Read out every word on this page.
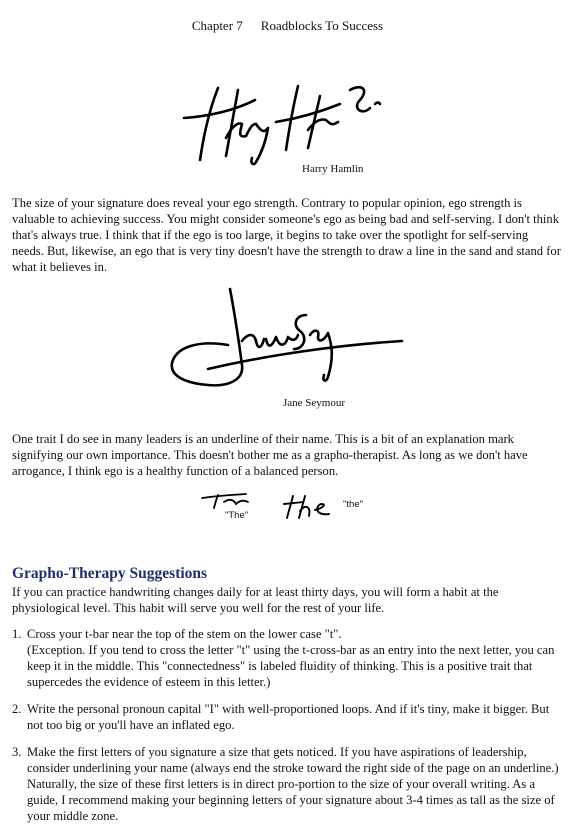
Chapter 7 Roadblocks To Success
Harry Hamlin

The size of your signature does reveal your ego strength. Contrary to popular opinion, ego strength is valuable to achieving success. You might consider someone's ego as being bad and self-serving. I don't think that's always true. I think that if the ego is too large, it begins to take over the spotlight for self-serving needs. But, likewise, an ego that is very tiny doesn't have the strength to draw a line in the sand and stand for what it believes in.

Jane Seymour

One trait I do see in many leaders is an underline of their name. This is a bit of an explanation mark signifying our own importance. This doesn't bother me as a grapho-therapist. As long as we don't have arrogance, I think ego is a healthy function of a balanced person.

"The"
"the"
Grapho-Therapy Suggestions

If you can practice handwriting changes daily for at least thirty days, you will form a habit at the physiological level. This habit will serve you well for the rest of your life.

1. Cross your t-bar near the top of the stem on the lower case "t".
(Exception. If you tend to cross the letter "t" using the t-cross-bar as an entry into the next letter, you can keep it in the middle. This "connectedness" is labeled fluidity of thinking. This is a positive trait that supercedes the evidence of esteem in this letter.)
2. Write the personal pronoun capital "I" with well-proportioned loops. And if it's tiny, make it bigger. But not too big or you'll have an inflated ego.
3. Make the first letters of you signature a size that gets noticed. If you have aspirations of leadership, consider underlining your name (always end the stroke toward the right side of the page on an underline.) Naturally, the size of these first letters is in direct pro-portion to the size of your overall writing. As a guide, I recommend making your beginning letters of your signature about 3-4 times as tall as the size of your middle zone.
